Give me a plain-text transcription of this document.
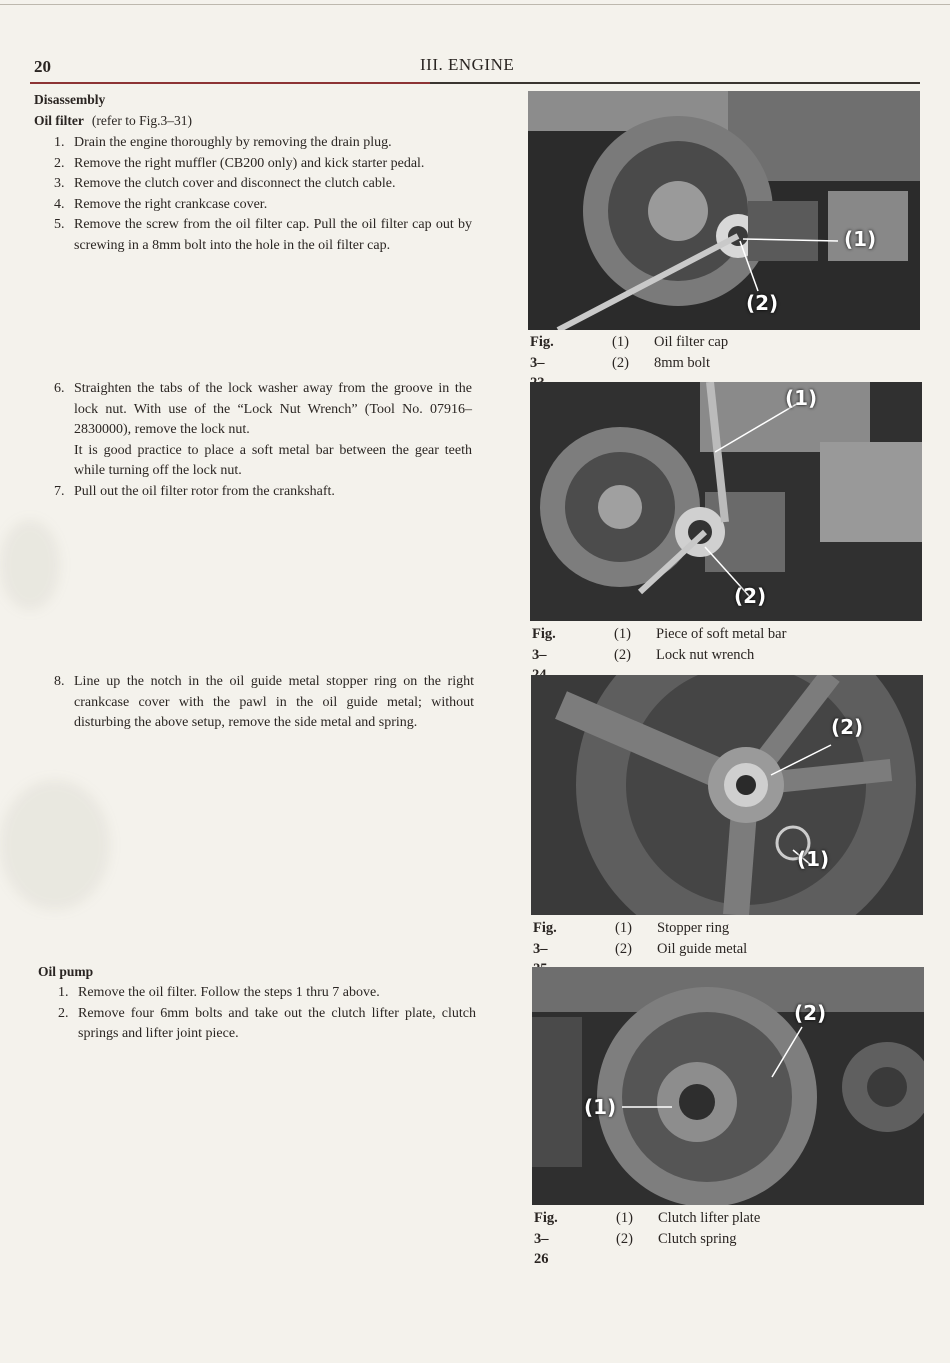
20	III. ENGINE
Disassembly
Oil filter (refer to Fig.3–31)
1. Drain the engine thoroughly by removing the drain plug.
2. Remove the right muffler (CB200 only) and kick starter pedal.
3. Remove the clutch cover and disconnect the clutch cable.
4. Remove the right crankcase cover.
5. Remove the screw from the oil filter cap. Pull the oil filter cap out by screwing in a 8mm bolt into the hole in the oil filter cap.
6. Straighten the tabs of the lock washer away from the groove in the lock nut. With use of the “Lock Nut Wrench” (Tool No. 07916–2830000), remove the lock nut.
It is good practice to place a soft metal bar between the gear teeth while turning off the lock nut.
7. Pull out the oil filter rotor from the crankshaft.
8. Line up the notch in the oil guide metal stopper ring on the right crankcase cover with the pawl in the oil guide metal; without disturbing the above setup, remove the side metal and spring.
Oil pump
1. Remove the oil filter. Follow the steps 1 thru 7 above.
2. Remove four 6mm bolts and take out the clutch lifter plate, clutch springs and lifter joint piece.
(1)
(2)
Fig. 3–
(1) Oil filter cap
(2) 8mm bolt
(1)
(2)
Fig. 3–
(1) Piece of soft metal bar
(2) Lock nut wrench
(2)
(1)
Fig. 3–
(1) Stopper ring
(2) Oil guide metal
(2)
(1)
Fig. 3–26
(1) Clutch lifter plate
(2) Clutch spring
